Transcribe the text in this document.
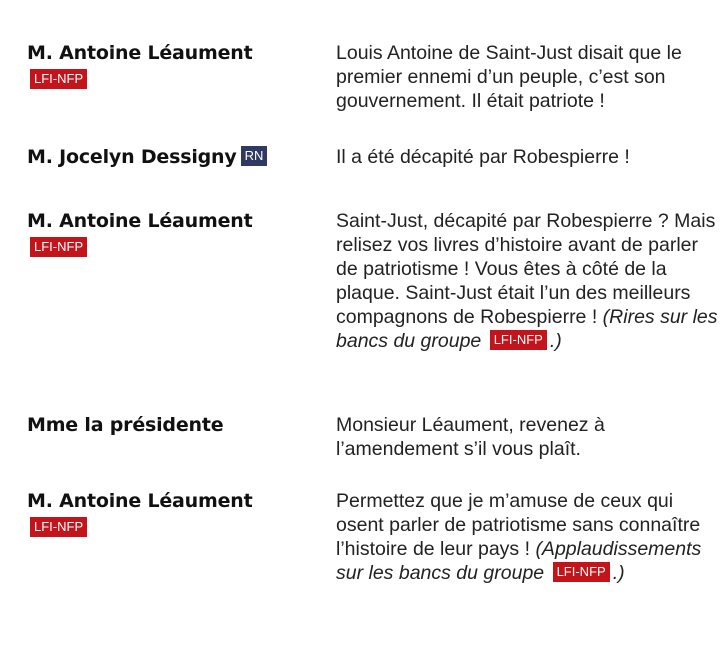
M. Antoine Léaument
LFI-NFP
Louis Antoine de Saint-Just disait que le premier ennemi d’un peuple, c’est son gouvernement. Il était patriote !
M. Jocelyn Dessigny RN	Il a été décapité par Robespierre !
M. Antoine Léaument
LFI-NFP
Saint-Just, décapité par Robespierre ? Mais relisez vos livres d’histoire avant de parler de patriotisme ! Vous êtes à côté de la plaque. Saint-Just était l’un des meilleurs compagnons de Robespierre ! (Rires sur les bancs du groupe LFI-NFP .)
Mme la présidente	Monsieur Léaument, revenez à l’amendement s’il vous plaît.
M. Antoine Léaument
LFI-NFP
Permettez que je m’amuse de ceux qui osent parler de patriotisme sans connaître l’histoire de leur pays ! (Applaudissements sur les bancs du groupe LFI-NFP .)
